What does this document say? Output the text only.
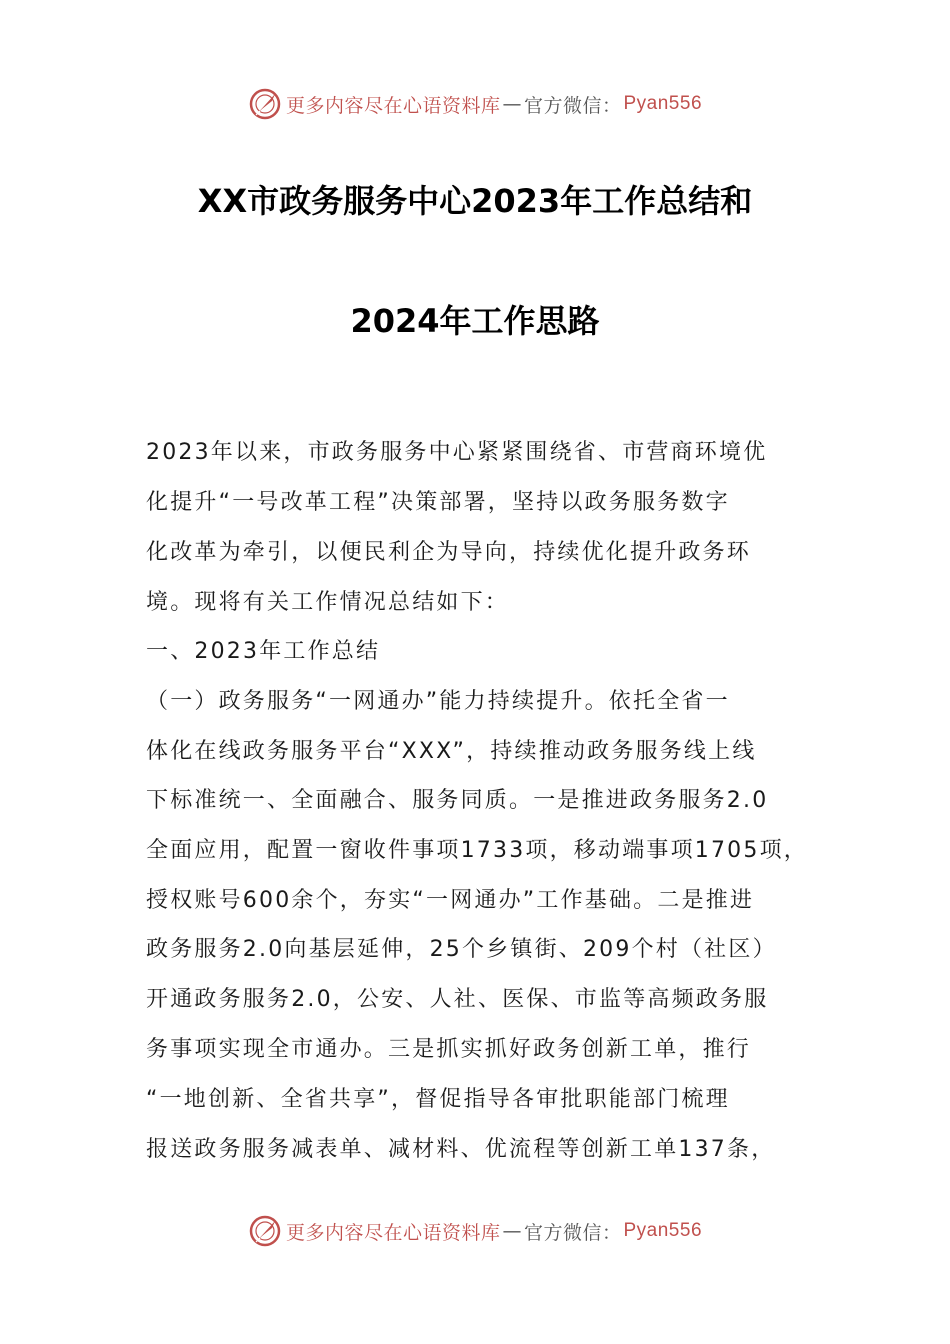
更多内容尽在心语资料库 — 官方微信： Pyan556
XX市政务服务中心2023年工作总结和
2024年工作思路
2023年以来，市政务服务中心紧紧围绕省、市营商环境优
化提升“一号改革工程”决策部署，坚持以政务服务数字
化改革为牵引，以便民利企为导向，持续优化提升政务环
境。现将有关工作情况总结如下：
一、2023年工作总结
（一）政务服务“一网通办”能力持续提升。依托全省一
体化在线政务服务平台“XXX”，持续推动政务服务线上线
下标准统一、全面融合、服务同质。一是推进政务服务2.0
全面应用，配置一窗收件事项1733项，移动端事项1705项，
授权账号600余个，夯实“一网通办”工作基础。二是推进
政务服务2.0向基层延伸，25个乡镇街、209个村（社区）
开通政务服务2.0，公安、人社、医保、市监等高频政务服
务事项实现全市通办。三是抓实抓好政务创新工单，推行
“一地创新、全省共享”，督促指导各审批职能部门梳理
报送政务服务减表单、减材料、优流程等创新工单137条，
更多内容尽在心语资料库 — 官方微信： Pyan556
